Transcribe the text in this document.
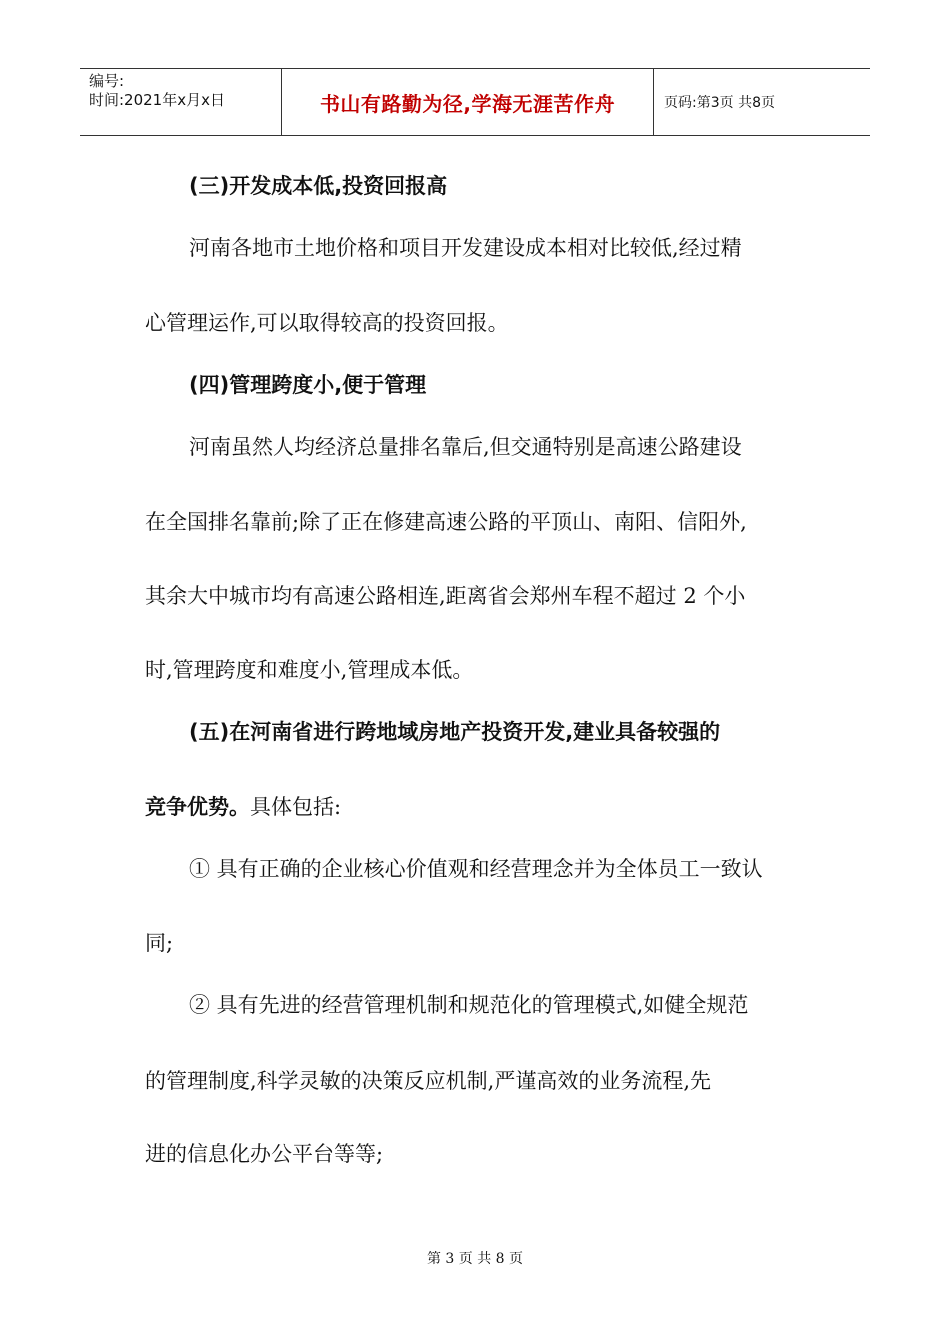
编号:
时间:2021年x月x日	书山有路勤为径,学海无涯苦作舟	页码:第3页 共8页
(三)开发成本低,投资回报高
河南各地市土地价格和项目开发建设成本相对比较低,经过精
心管理运作,可以取得较高的投资回报。
(四)管理跨度小,便于管理
河南虽然人均经济总量排名靠后,但交通特别是高速公路建设
在全国排名靠前;除了正在修建高速公路的平顶山、南阳、信阳外,
其余大中城市均有高速公路相连,距离省会郑州车程不超过 2 个小
时,管理跨度和难度小,管理成本低。
(五)在河南省进行跨地域房地产投资开发,建业具备较强的
竞争优势。具体包括:
① 具有正确的企业核心价值观和经营理念并为全体员工一致认
同;
② 具有先进的经营管理机制和规范化的管理模式,如健全规范
的管理制度,科学灵敏的决策反应机制,严谨高效的业务流程,先
进的信息化办公平台等等;
第 3 页 共 8 页
